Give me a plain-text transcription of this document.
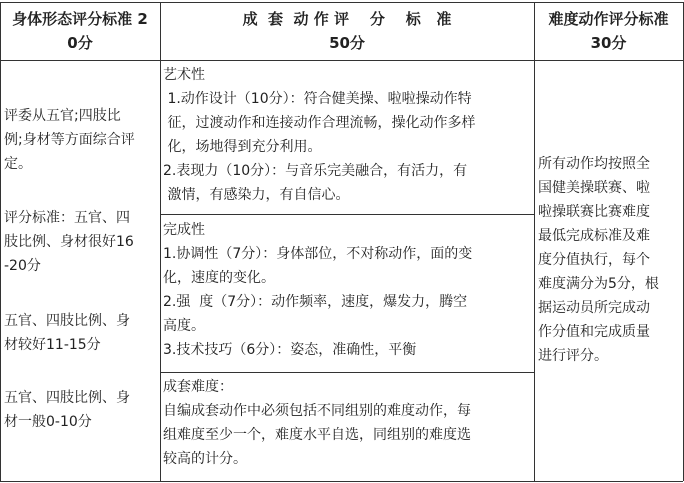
身体形态评分标准 2
0分
成  套  动 作 评    分    标   准
50分
难度动作评分标准
30分
评委从五官;四肢比
例;身材等方面综合评
定。
评分标准：五官、四
肢比例、身材很好16
-20分
五官、四肢比例、身
材较好11-15分
五官、四肢比例、身
材一般0-10分
艺术性
1.动作设计（10分）：符合健美操、啦啦操动作特
征，过渡动作和连接动作合理流畅，操化动作多样
化，场地得到充分利用。
2.表现力（10分）：与音乐完美融合，有活力，有
激情，有感染力，有自信心。
完成性
1.协调性（7分）：身体部位，不对称动作，面的变
化，速度的变化。
2.强  度（7分）：动作频率，速度，爆发力，腾空
高度。
3.技术技巧（6分）：姿态，准确性，平衡
成套难度：
自编成套动作中必须包括不同组别的难度动作，每
组难度至少一个，难度水平自选，同组别的难度选
较高的计分。
所有动作均按照全
国健美操联赛、啦
啦操联赛比赛难度
最低完成标准及难
度分值执行，每个
难度满分为5分，根
据运动员所完成动
作分值和完成质量
进行评分。
